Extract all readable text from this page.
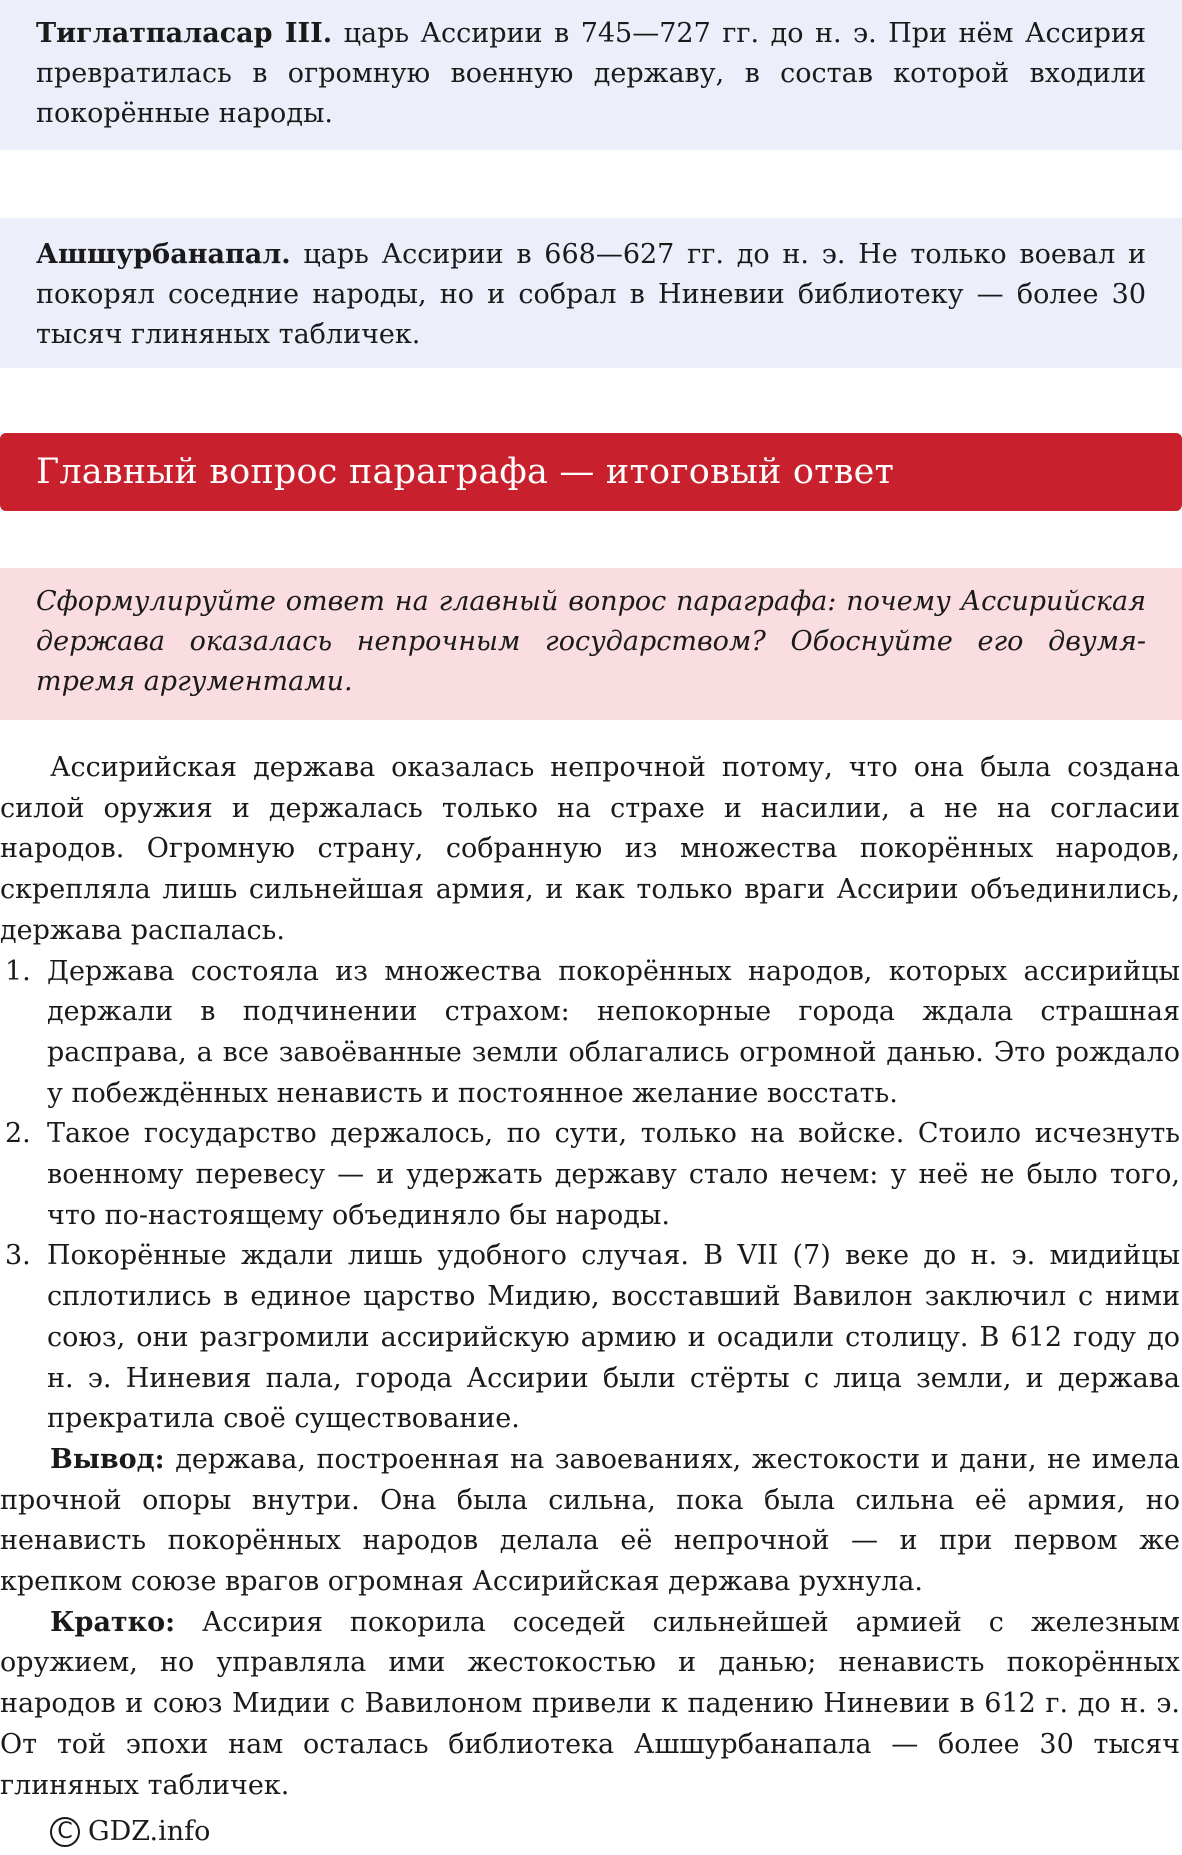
Тиглатпаласар III. царь Ассирии в 745—727 гг. до н. э. При нём Ассирия превратилась в огромную военную державу, в состав которой входили покорённые народы.

Ашшурбанапал. царь Ассирии в 668—627 гг. до н. э. Не только воевал и покорял соседние народы, но и собрал в Ниневии библиотеку — более 30 тысяч глиняных табличек.

Главный вопрос параграфа — итоговый ответ

Сформулируйте ответ на главный вопрос параграфа: почему Ассирийская держава оказалась непрочным государством? Обоснуйте его двумя-тремя аргументами.

Ассирийская держава оказалась непрочной потому, что она была создана силой оружия и держалась только на страхе и насилии, а не на согласии народов. Огромную страну, собранную из множества покорённых народов, скрепляла лишь сильнейшая армия, и как только враги Ассирии объединились, держава распалась.

1. Держава состояла из множества покорённых народов, которых ассирийцы держали в подчинении страхом: непокорные города ждала страшная расправа, а все завоёванные земли облагались огромной данью. Это рождало у побеждённых ненависть и постоянное желание восстать.
2. Такое государство держалось, по сути, только на войске. Стоило исчезнуть военному перевесу — и удержать державу стало нечем: у неё не было того, что по-настоящему объединяло бы народы.
3. Покорённые ждали лишь удобного случая. В VII (7) веке до н. э. мидийцы сплотились в единое царство Мидию, восставший Вавилон заключил с ними союз, они разгромили ассирийскую армию и осадили столицу. В 612 году до н. э. Ниневия пала, города Ассирии были стёрты с лица земли, и держава прекратила своё существование.

Вывод: держава, построенная на завоеваниях, жестокости и дани, не имела прочной опоры внутри. Она была сильна, пока была сильна её армия, но ненависть покорённых народов делала её непрочной — и при первом же крепком союзе врагов огромная Ассирийская держава рухнула.

Кратко: Ассирия покорила соседей сильнейшей армией с железным оружием, но управляла ими жестокостью и данью; ненависть покорённых народов и союз Мидии с Вавилоном привели к падению Ниневии в 612 г. до н. э. От той эпохи нам осталась библиотека Ашшурбанапала — более 30 тысяч глиняных табличек.

C GDZ.info
